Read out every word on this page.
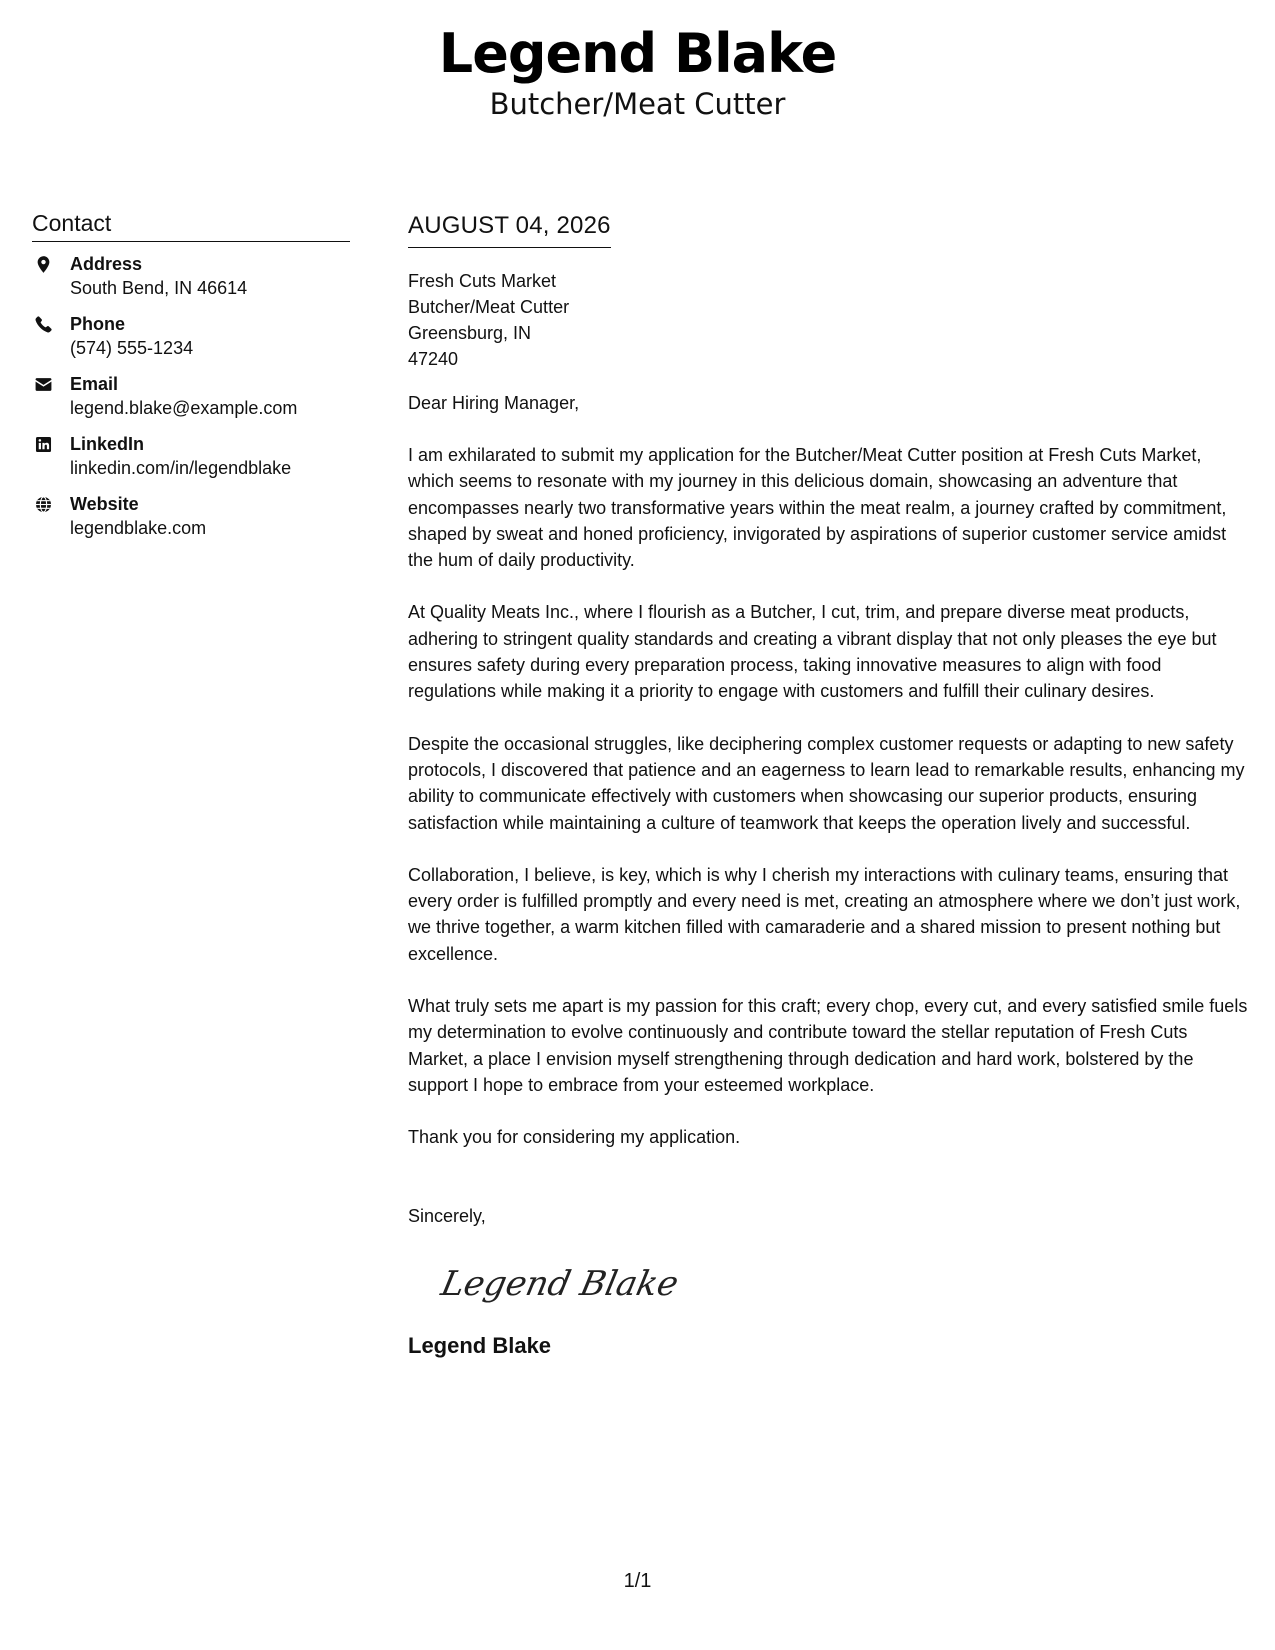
Legend Blake
Butcher/Meat Cutter
Contact
Address
South Bend, IN 46614
Phone
(574) 555-1234
Email
legend.blake@example.com
LinkedIn
linkedin.com/in/legendblake
Website
legendblake.com
AUGUST 04, 2026
Fresh Cuts Market
Butcher/Meat Cutter
Greensburg, IN
47240
Dear Hiring Manager,
I am exhilarated to submit my application for the Butcher/Meat Cutter position at Fresh Cuts Market, which seems to resonate with my journey in this delicious domain, showcasing an adventure that encompasses nearly two transformative years within the meat realm, a journey crafted by commitment, shaped by sweat and honed proficiency, invigorated by aspirations of superior customer service amidst the hum of daily productivity.
At Quality Meats Inc., where I flourish as a Butcher, I cut, trim, and prepare diverse meat products, adhering to stringent quality standards and creating a vibrant display that not only pleases the eye but ensures safety during every preparation process, taking innovative measures to align with food regulations while making it a priority to engage with customers and fulfill their culinary desires.
Despite the occasional struggles, like deciphering complex customer requests or adapting to new safety protocols, I discovered that patience and an eagerness to learn lead to remarkable results, enhancing my ability to communicate effectively with customers when showcasing our superior products, ensuring satisfaction while maintaining a culture of teamwork that keeps the operation lively and successful.
Collaboration, I believe, is key, which is why I cherish my interactions with culinary teams, ensuring that every order is fulfilled promptly and every need is met, creating an atmosphere where we don’t just work, we thrive together, a warm kitchen filled with camaraderie and a shared mission to present nothing but excellence.
What truly sets me apart is my passion for this craft; every chop, every cut, and every satisfied smile fuels my determination to evolve continuously and contribute toward the stellar reputation of Fresh Cuts Market, a place I envision myself strengthening through dedication and hard work, bolstered by the support I hope to embrace from your esteemed workplace.
Thank you for considering my application.
Sincerely,
Legend Blake
Legend Blake
1/1
